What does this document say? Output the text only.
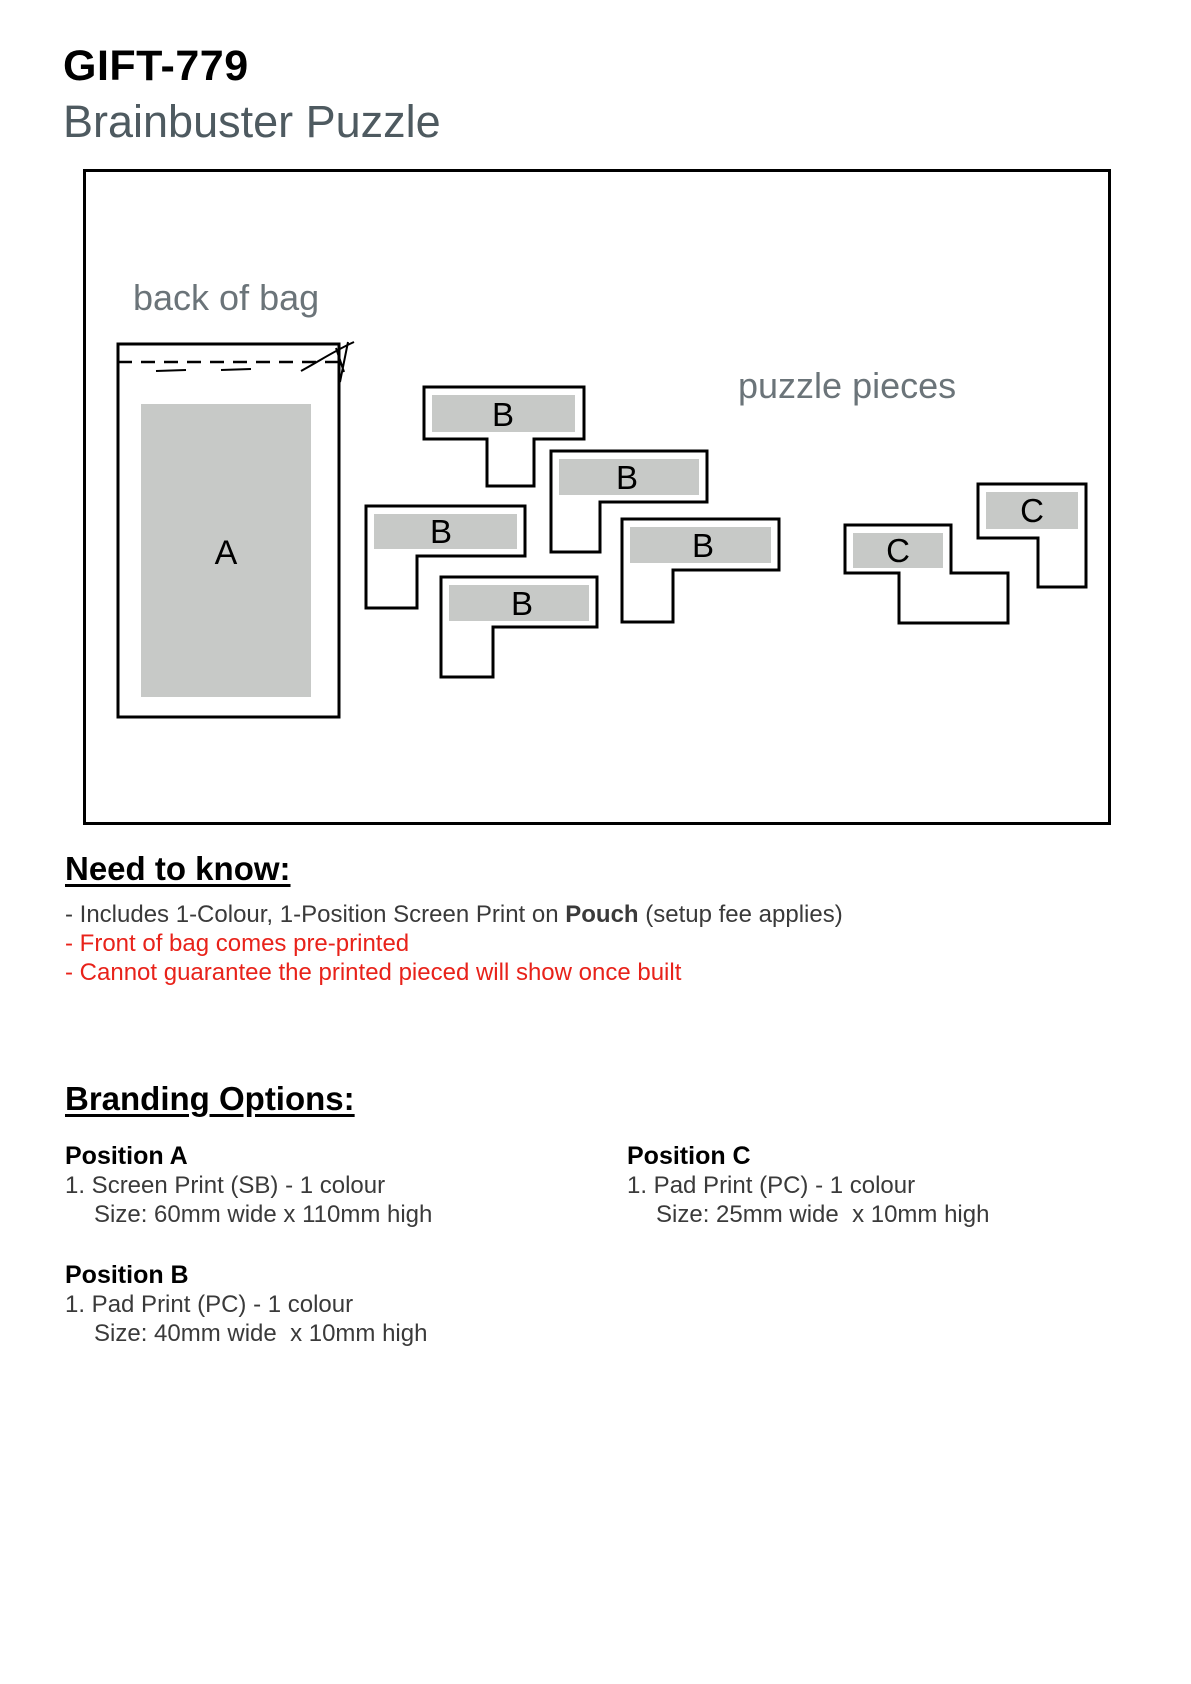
GIFT-779
Brainbuster Puzzle
back of bag
puzzle pieces
A
B
B
B	B
B
C
C
Need to know:
- Includes 1-Colour, 1-Position Screen Print on Pouch (setup fee applies)
- Front of bag comes pre-printed
- Cannot guarantee the printed pieced will show once built
Branding Options:

Position A

1. Screen Print (SB) - 1 colour

Size: 60mm wide x 110mm high

Position B

1. Pad Print (PC) - 1 colour

Size: 40mm wide  x 10mm high

Position C

1. Pad Print (PC) - 1 colour

Size: 25mm wide  x 10mm high
